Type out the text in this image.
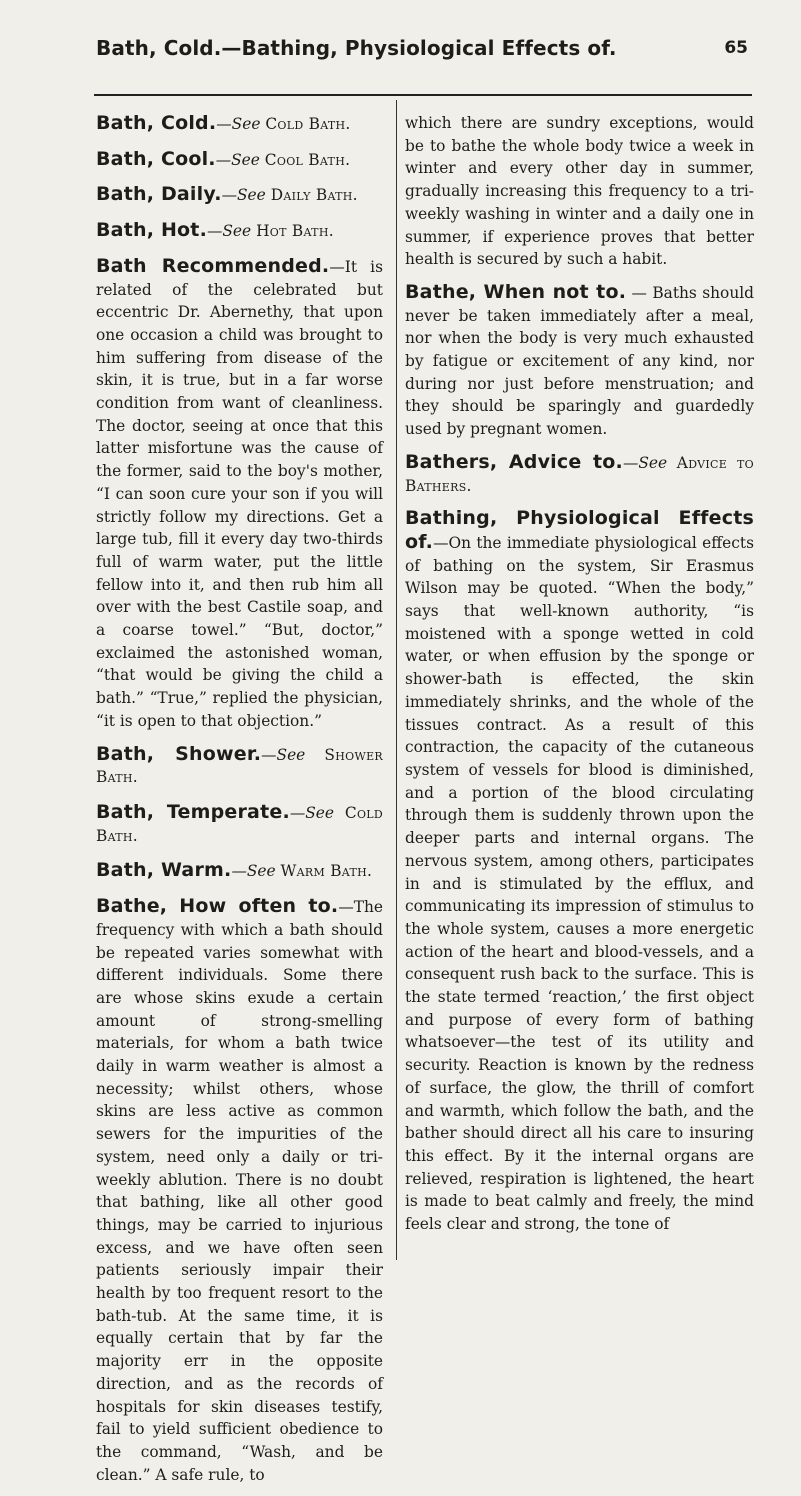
Bath, Cold.—Bathing, Physiological Effects of.	65
Bath, Cold.—See Cold Bath.
Bath, Cool.—See Cool Bath.
Bath, Daily.—See Daily Bath.
Bath, Hot.—See Hot Bath.
Bath Recommended.—It is related of the celebrated but eccentric Dr. Abernethy, that upon one occasion a child was brought to him suffering from disease of the skin, it is true, but in a far worse condition from want of cleanliness. The doctor, seeing at once that this latter misfortune was the cause of the former, said to the boy's mother, “I can soon cure your son if you will strictly follow my directions. Get a large tub, fill it every day two-thirds full of warm water, put the little fellow into it, and then rub him all over with the best Castile soap, and a coarse towel.” “But, doctor,” exclaimed the astonished woman, “that would be giving the child a bath.” “True,” replied the physician, “it is open to that objection.”
Bath, Shower.—See Shower Bath.
Bath, Temperate.—See Cold Bath.
Bath, Warm.—See Warm Bath.
Bathe, How often to.—The frequency with which a bath should be repeated varies somewhat with different individuals. Some there are whose skins exude a certain amount of strong-smelling materials, for whom a bath twice daily in warm weather is almost a necessity; whilst others, whose skins are less active as common sewers for the impurities of the system, need only a daily or tri-weekly ablution. There is no doubt that bathing, like all other good things, may be carried to injurious excess, and we have often seen patients seriously impair their health by too frequent resort to the bath-tub. At the same time, it is equally certain that by far the majority err in the opposite direction, and as the records of hospitals for skin diseases testify, fail to yield sufficient obedience to the command, “Wash, and be clean.” A safe rule, to
which there are sundry exceptions, would be to bathe the whole body twice a week in winter and every other day in summer, gradually increasing this frequency to a tri-weekly washing in winter and a daily one in summer, if experience proves that better health is secured by such a habit.
Bathe, When not to. — Baths should never be taken immediately after a meal, nor when the body is very much exhausted by fatigue or excitement of any kind, nor during nor just before menstruation; and they should be sparingly and guardedly used by pregnant women.
Bathers, Advice to.—See Advice to Bathers.
Bathing, Physiological Effects of.—On the immediate physiological effects of bathing on the system, Sir Erasmus Wilson may be quoted. “When the body,” says that well-known authority, “is moistened with a sponge wetted in cold water, or when effusion by the sponge or shower-bath is effected, the skin immediately shrinks, and the whole of the tissues contract. As a result of this contraction, the capacity of the cutaneous system of vessels for blood is diminished, and a portion of the blood circulating through them is suddenly thrown upon the deeper parts and internal organs. The nervous system, among others, participates in and is stimulated by the efflux, and communicating its impression of stimulus to the whole system, causes a more energetic action of the heart and blood-vessels, and a consequent rush back to the surface. This is the state termed ‘reaction,’ the first object and purpose of every form of bathing whatsoever—the test of its utility and security. Reaction is known by the redness of surface, the glow, the thrill of comfort and warmth, which follow the bath, and the bather should direct all his care to insuring this effect. By it the internal organs are relieved, respiration is lightened, the heart is made to beat calmly and freely, the mind feels clear and strong, the tone of
